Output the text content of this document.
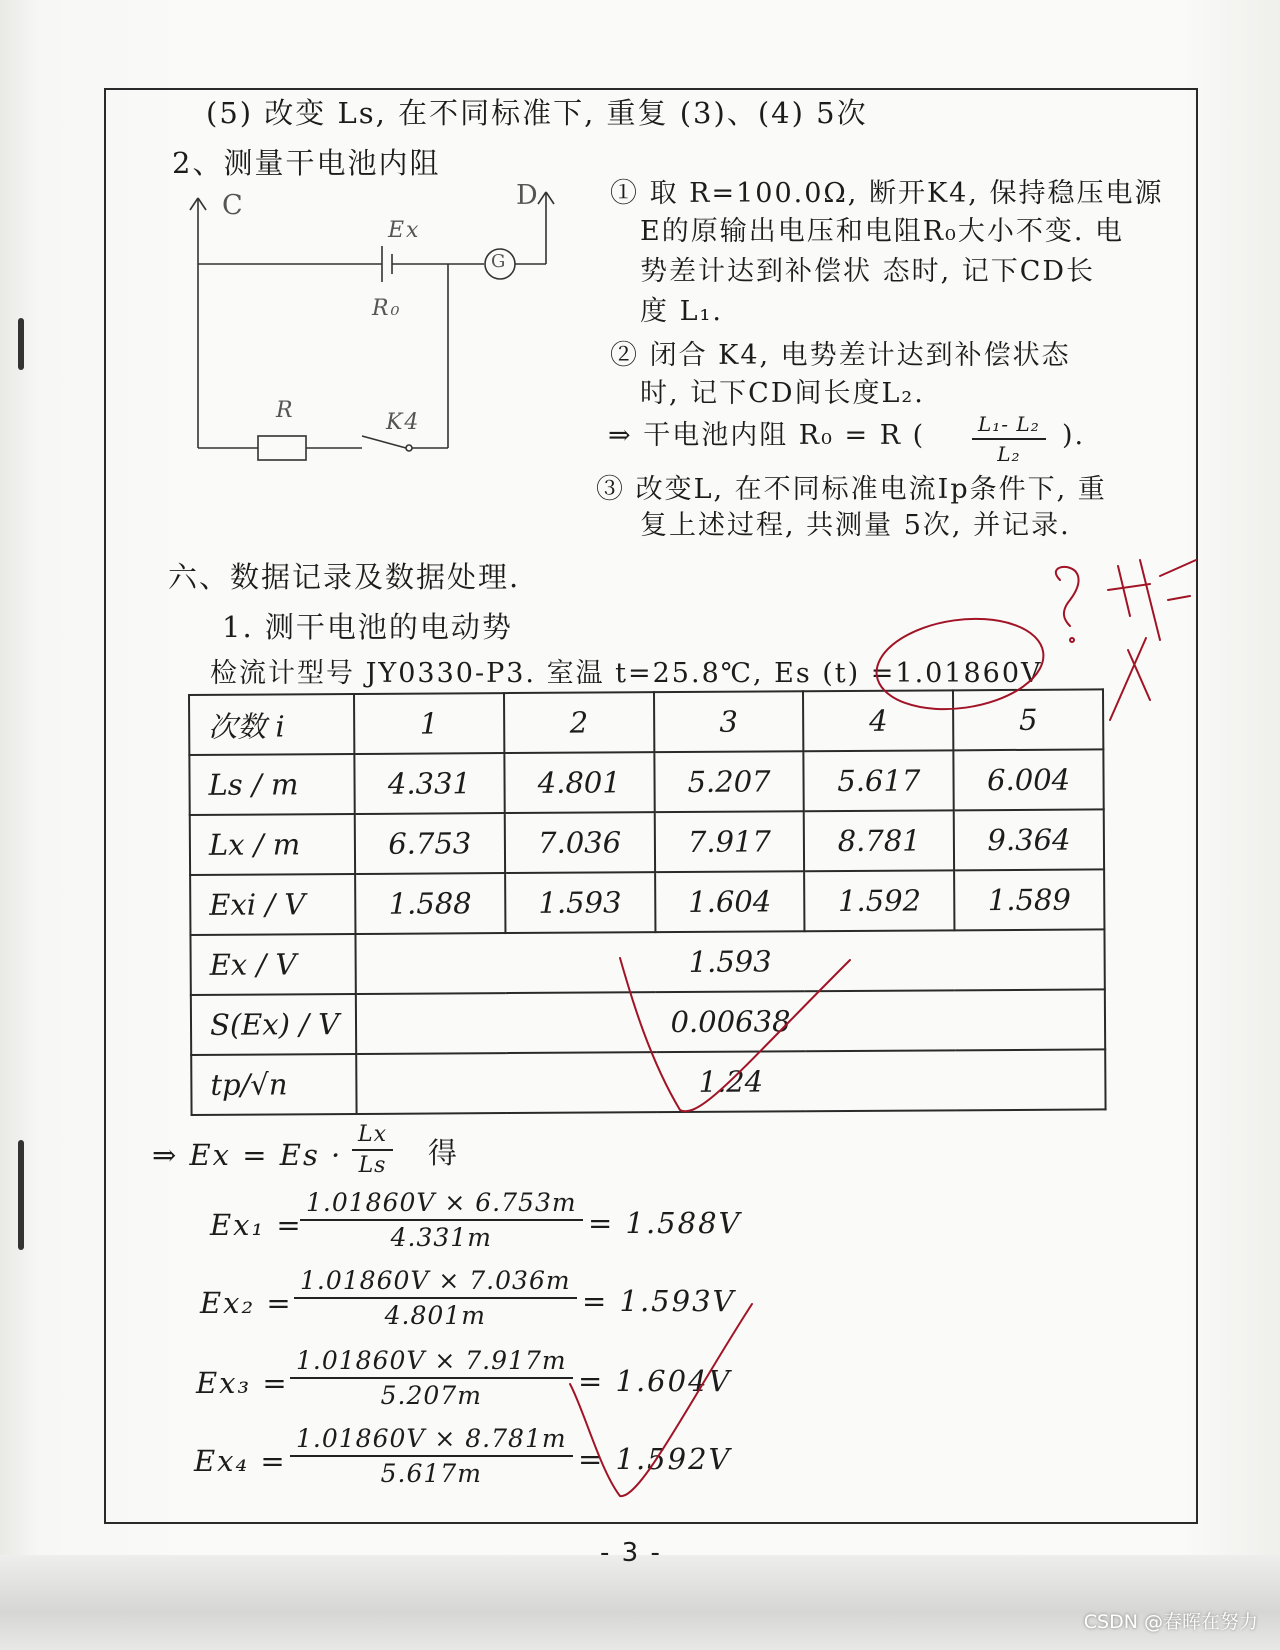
(5) 改变 Ls, 在不同标准下, 重复 (3)、(4) 5次
2、测量干电池内阻
C	D
Ex
R₀
G
R	K4
① 取 R=100.0Ω, 断开K4, 保持稳压电源
E的原输出电压和电阻R₀大小不变. 电
势差计达到补偿状 态时, 记下CD长
度 L₁.
② 闭合 K4, 电势差计达到补偿状态
时, 记下CD间长度L₂.
⇒ 干电池内阻 R₀ = R ( $\frac{\text{L₁- L₂}}{\text{L₂}}$ ).
③ 改变L, 在不同标准电流Ip条件下, 重
复上述过程, 共测量 5次, 并记录.
六、数据记录及数据处理.
1. 测干电池的电动势
检流计型号 JY0330-P3. 室温 t=25.8℃, Es (t) =1.01860V
次数 i	1	2	3	4	5
Ls / m	4.331	4.801	5.207	5.617	6.004
Lx / m	6.753	7.036	7.917	8.781	9.364
Exi / V	1.588	1.593	1.604	1.592	1.589
Ex / V	1.593				
S(Ex) / V	0.00638				
tp/√n	1.24				
⇒ $Ex = Es \cdot \frac{Lx}{Ls}$ 得
Ex₁ =
$\frac{1.01860V \times 6.753m}{4.331m} = 1.588V$
$Ex_2 = \frac{1.01860V \times 7.036m}{4.801m} = 1.593V$
$Ex_3 = \frac{1.01860V \times 7.917m}{5.207m} = 1.604V$
$Ex_4 = \frac{1.01860V \times 8.781m}{5.617m} = 1.592V$
- 3 -
CSDN @春晖在努力
